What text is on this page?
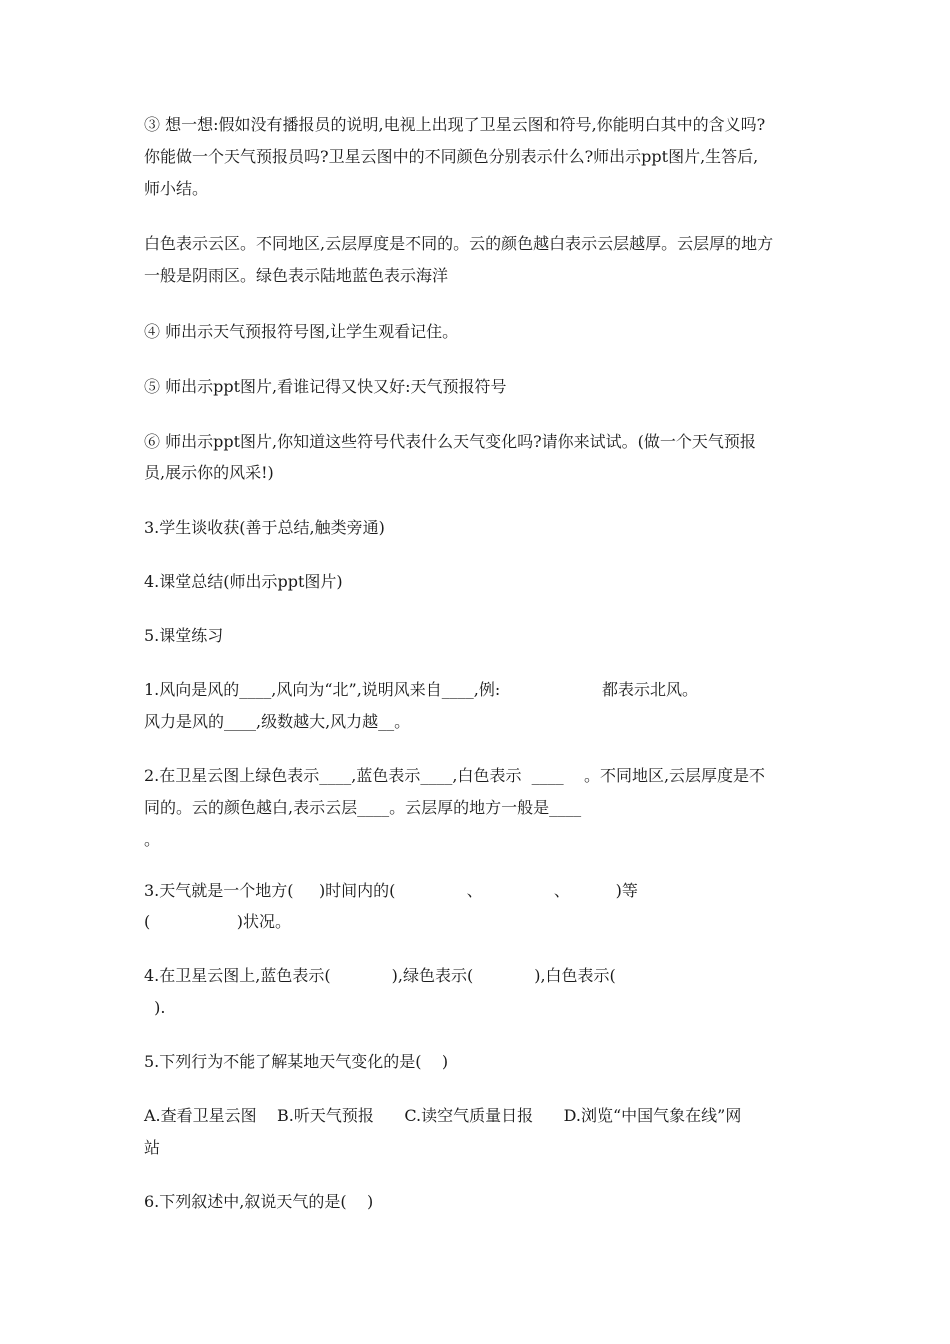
③ 想一想:假如没有播报员的说明,电视上出现了卫星云图和符号,你能明白其中的含义吗?
你能做一个天气预报员吗?卫星云图中的不同颜色分别表示什么?师出示ppt图片,生答后,
师小结。
白色表示云区。不同地区,云层厚度是不同的。云的颜色越白表示云层越厚。云层厚的地方
一般是阴雨区。绿色表示陆地蓝色表示海洋
④ 师出示天气预报符号图,让学生观看记住。
⑤ 师出示ppt图片,看谁记得又快又好:天气预报符号
⑥ 师出示ppt图片,你知道这些符号代表什么天气变化吗?请你来试试。(做一个天气预报
员,展示你的风采!)
3.学生谈收获(善于总结,触类旁通)
4.课堂总结(师出示ppt图片)
5.课堂练习
1.风向是风的____,风向为“北”,说明风来自____,例:                    都表示北风。
风力是风的____,级数越大,风力越__。
2.在卫星云图上绿色表示____,蓝色表示____,白色表示  ____    。不同地区,云层厚度是不
同的。云的颜色越白,表示云层____。云层厚的地方一般是____
。
3.天气就是一个地方(     )时间内的(              、              、         )等
(                 )状况。
4.在卫星云图上,蓝色表示(            ),绿色表示(            ),白色表示(
).
5.下列行为不能了解某地天气变化的是(    )
A.查看卫星云图    B.听天气预报      C.读空气质量日报      D.浏览“中国气象在线”网
站
6.下列叙述中,叙说天气的是(    )
